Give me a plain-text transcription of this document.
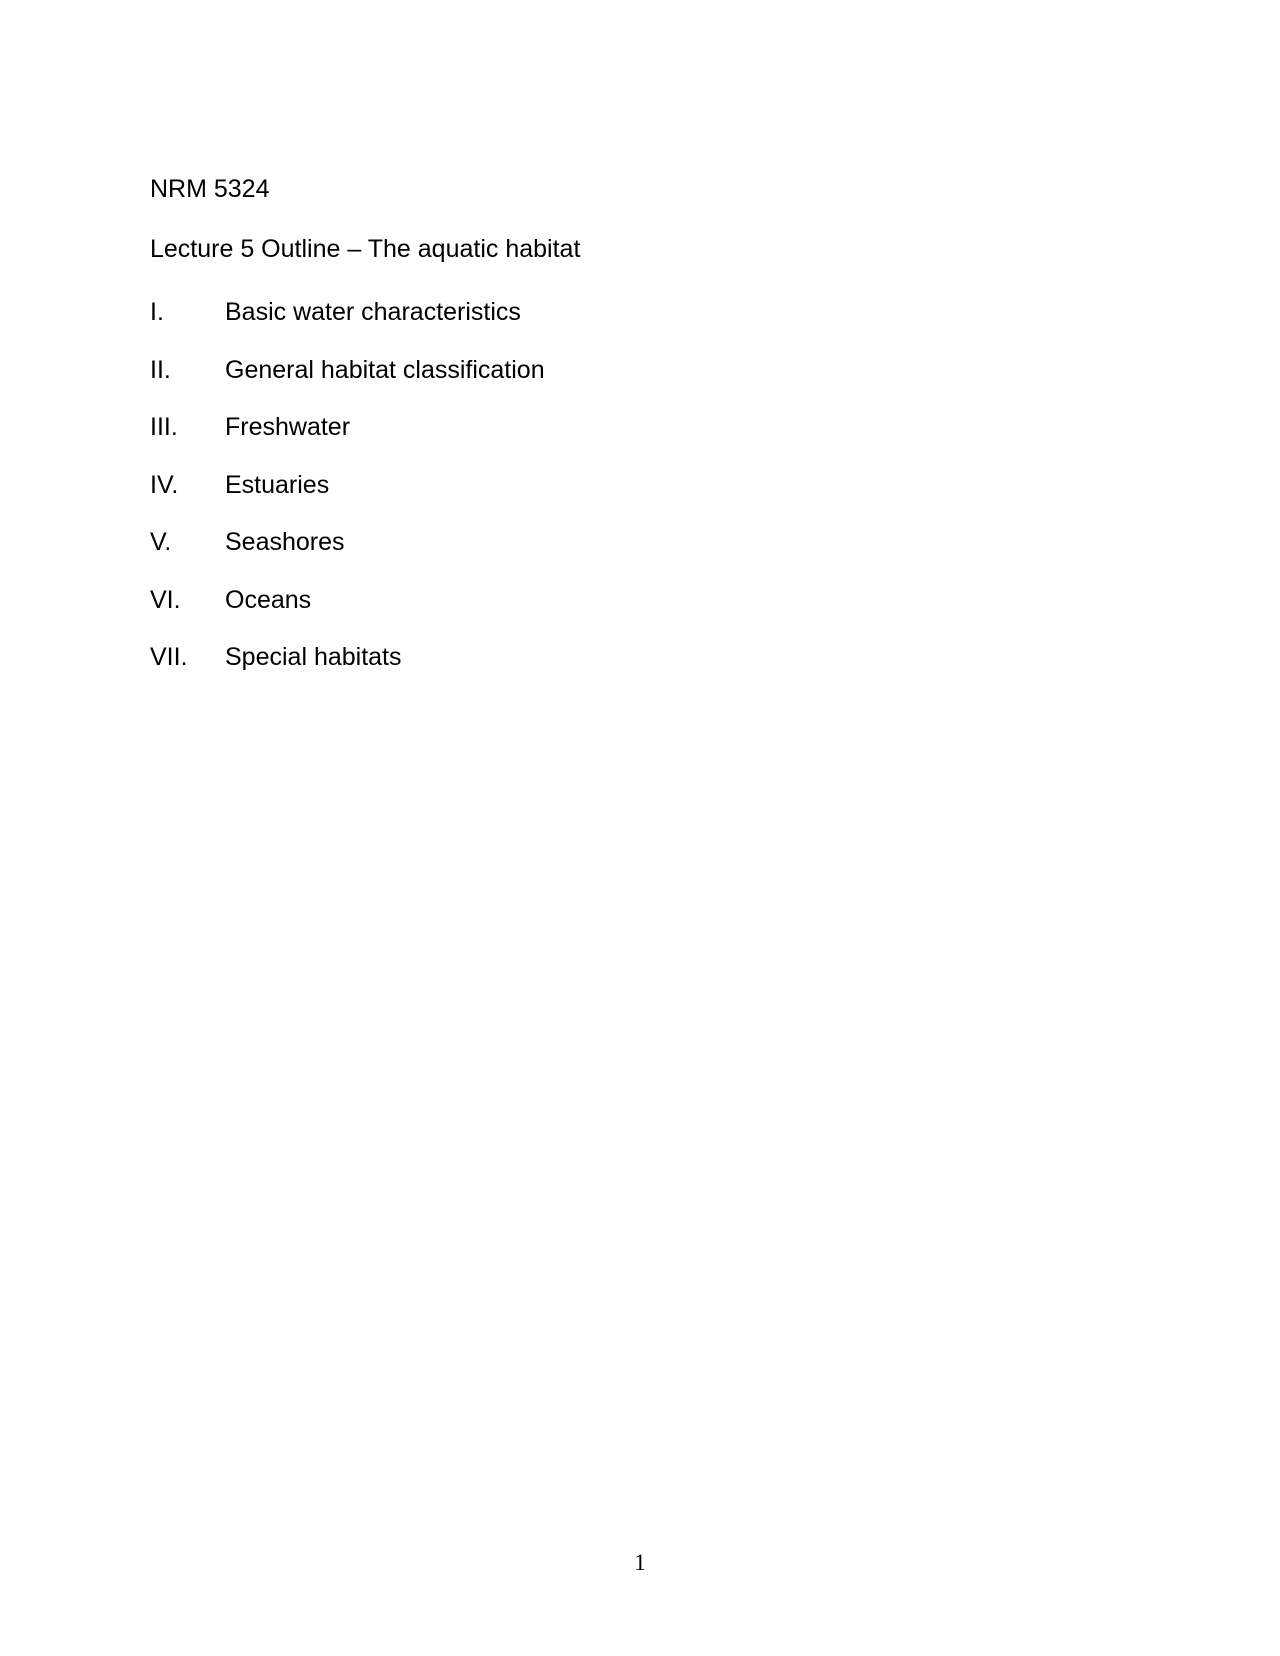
NRM 5324
Lecture 5 Outline – The aquatic habitat
I. Basic water characteristics
II. General habitat classification
III. Freshwater
IV. Estuaries
V. Seashores
VI. Oceans
VII. Special habitats
1
